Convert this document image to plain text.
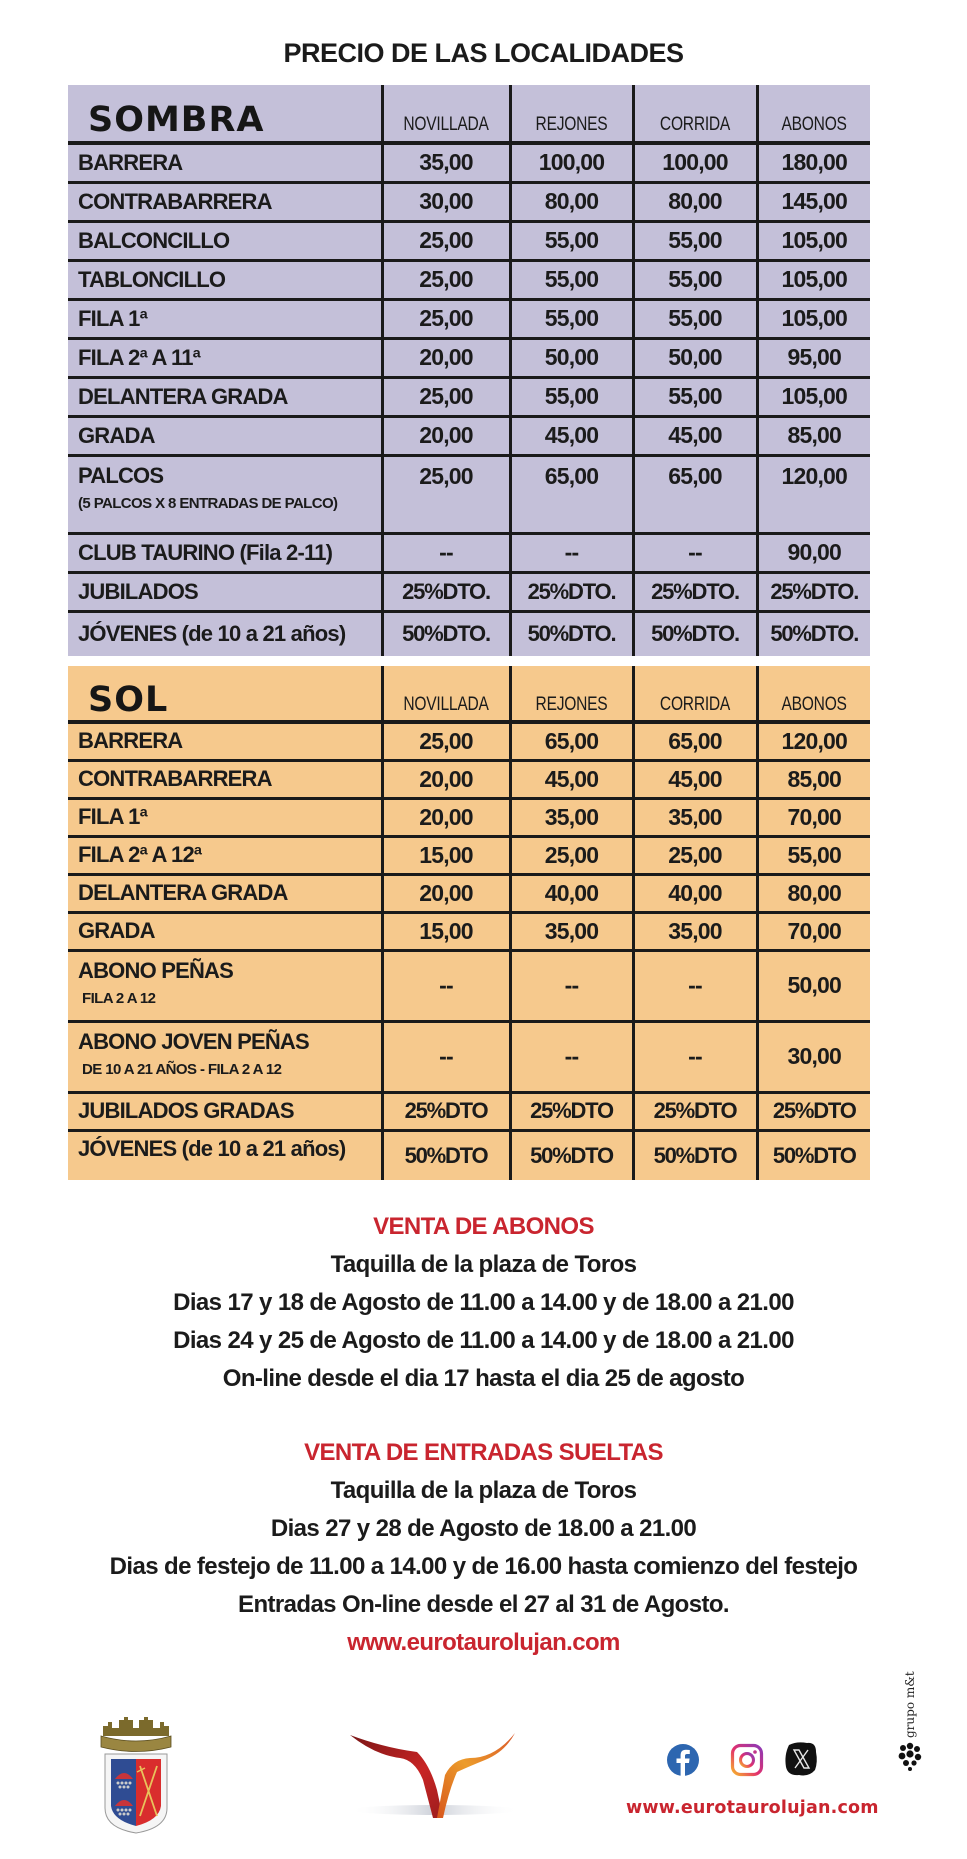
PRECIO DE LAS LOCALIDADES
SOMBRA	NOVILLADA	REJONES	CORRIDA	ABONOS
BARRERA	35,00	100,00	100,00	180,00
CONTRABARRERA	30,00	80,00	80,00	145,00
BALCONCILLO	25,00	55,00	55,00	105,00
TABLONCILLO	25,00	55,00	55,00	105,00
FILA 1ª	25,00	55,00	55,00	105,00
FILA 2ª A 11ª	20,00	50,00	50,00	95,00
DELANTERA GRADA	25,00	55,00	55,00	105,00
GRADA	20,00	45,00	45,00	85,00
PALCOS
(5 PALCOS X 8 ENTRADAS DE PALCO)	25,00	65,00	65,00	120,00
CLUB TAURINO (Fila 2-11)	--	--	--	90,00
JUBILADOS	25%DTO.	25%DTO.	25%DTO.	25%DTO.
JÓVENES (de 10 a 21 años)	50%DTO.	50%DTO.	50%DTO.	50%DTO.
SOL	NOVILLADA	REJONES	CORRIDA	ABONOS
BARRERA	25,00	65,00	65,00	120,00
CONTRABARRERA	20,00	45,00	45,00	85,00
FILA 1ª	20,00	35,00	35,00	70,00
FILA 2ª A 12ª	15,00	25,00	25,00	55,00
DELANTERA GRADA	20,00	40,00	40,00	80,00
GRADA	15,00	35,00	35,00	70,00
ABONO PEÑAS
FILA 2 A 12	--	--	--	50,00
ABONO JOVEN PEÑAS
DE 10 A 21 AÑOS - FILA 2 A 12	--	--	--	30,00
JUBILADOS GRADAS	25%DTO	25%DTO	25%DTO	25%DTO
JÓVENES (de 10 a 21 años)	50%DTO	50%DTO	50%DTO	50%DTO
VENTA DE ABONOS
Taquilla de la plaza de Toros
Dias 17 y 18 de Agosto de 11.00 a 14.00 y de 18.00 a 21.00
Dias 24 y 25 de Agosto de 11.00 a 14.00 y de 18.00 a 21.00
On-line desde el dia 17 hasta el dia 25 de agosto
VENTA DE ENTRADAS SUELTAS
Taquilla de la plaza de Toros
Dias 27 y 28 de Agosto de 18.00 a 21.00
Dias de festejo de 11.00 a 14.00 y de 16.00 hasta comienzo del festejo
Entradas On-line desde el 27 al 31 de Agosto.
www.eurotaurolujan.com
www.eurotaurolujan.com
grupo m&t
